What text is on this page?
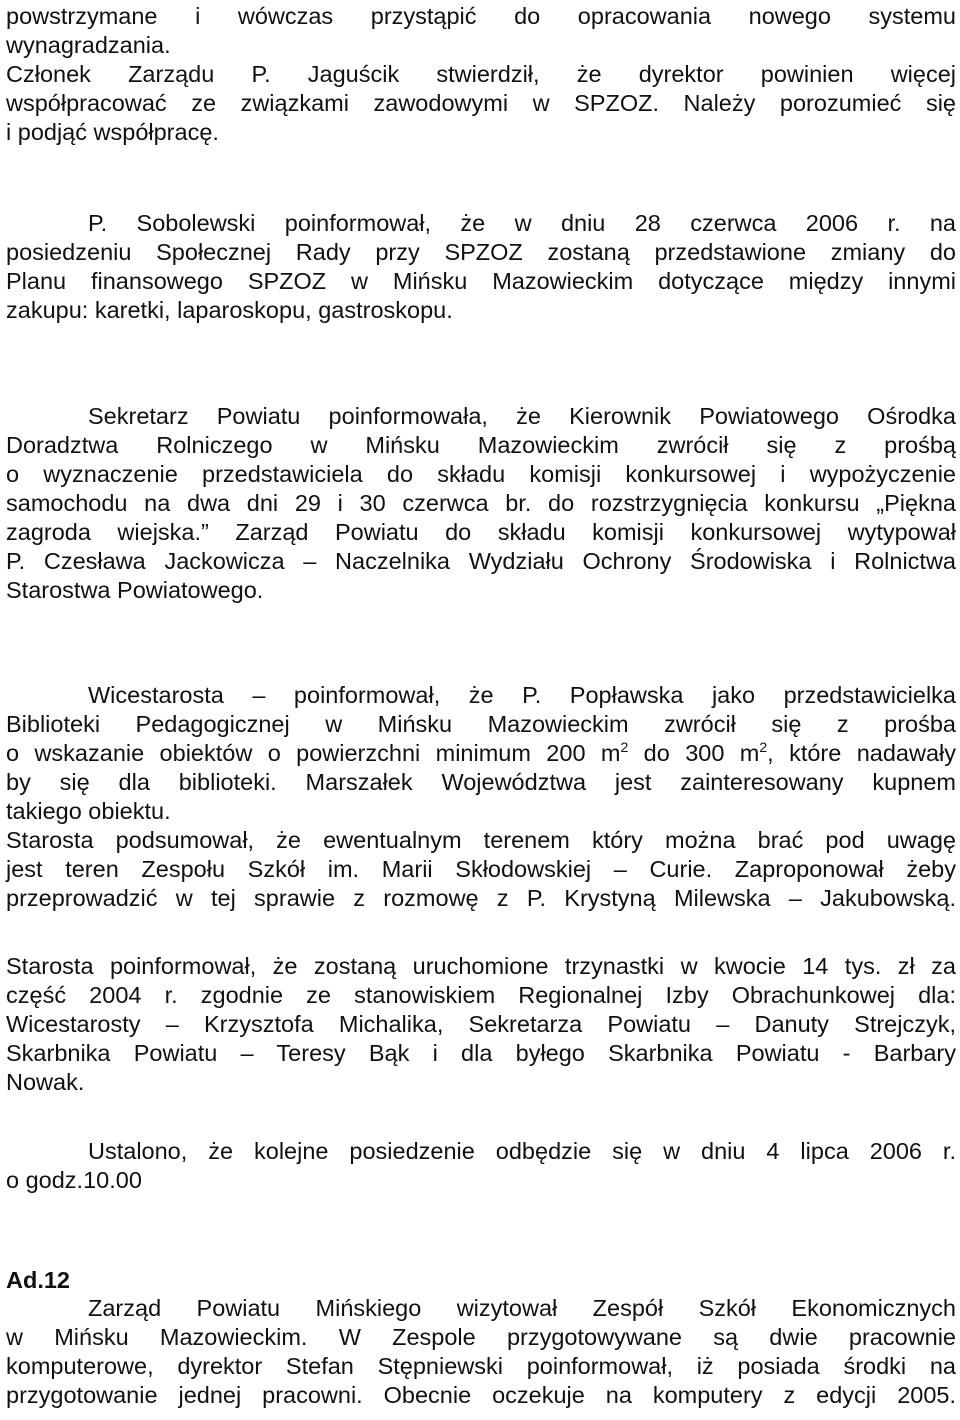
powstrzymane i wówczas przystąpić do opracowania nowego systemu
wynagradzania.
Członek Zarządu P. Jaguścik stwierdził, że dyrektor powinien więcej
współpracować ze związkami zawodowymi w SPZOZ. Należy porozumieć się
i podjąć współpracę.
P. Sobolewski poinformował, że w dniu 28 czerwca 2006 r. na
posiedzeniu Społecznej Rady przy SPZOZ zostaną przedstawione zmiany do
Planu finansowego SPZOZ w Mińsku Mazowieckim dotyczące między innymi
zakupu: karetki, laparoskopu, gastroskopu.
Sekretarz Powiatu poinformowała, że Kierownik Powiatowego Ośrodka
Doradztwa Rolniczego w Mińsku Mazowieckim zwrócił się z prośbą
o wyznaczenie przedstawiciela do składu komisji konkursowej i wypożyczenie
samochodu na dwa dni 29 i 30 czerwca br. do rozstrzygnięcia konkursu „Piękna
zagroda wiejska.” Zarząd Powiatu do składu komisji konkursowej wytypował
P. Czesława Jackowicza – Naczelnika Wydziału Ochrony Środowiska i Rolnictwa
Starostwa Powiatowego.
Wicestarosta – poinformował, że P. Popławska jako przedstawicielka
Biblioteki Pedagogicznej w Mińsku Mazowieckim zwrócił się z prośba
o wskazanie obiektów o powierzchni minimum 200 $m^2$ do 300 $m^2$, które nadawały
by się dla biblioteki. Marszałek Województwa jest zainteresowany kupnem
takiego obiektu.
Starosta podsumował, że ewentualnym terenem który można brać pod uwagę
jest teren Zespołu Szkół im. Marii Skłodowskiej – Curie. Zaproponował żeby
przeprowadzić w tej sprawie z rozmowę z P. Krystyną Milewska – Jakubowską.
Starosta poinformował, że zostaną uruchomione trzynastki w kwocie 14 tys. zł za
część 2004 r. zgodnie ze stanowiskiem Regionalnej Izby Obrachunkowej dla:
Wicestarosty – Krzysztofa Michalika, Sekretarza Powiatu – Danuty Strejczyk,
Skarbnika Powiatu – Teresy Bąk i dla byłego Skarbnika Powiatu - Barbary
Nowak.
Ustalono, że kolejne posiedzenie odbędzie się w dniu 4 lipca 2006 r.
o godz.10.00
Ad.12
Zarząd Powiatu Mińskiego wizytował Zespół Szkół Ekonomicznych
w Mińsku Mazowieckim. W Zespole przygotowywane są dwie pracownie
komputerowe, dyrektor Stefan Stępniewski poinformował, iż posiada środki na
przygotowanie jednej pracowni. Obecnie oczekuje na komputery z edycji 2005.
